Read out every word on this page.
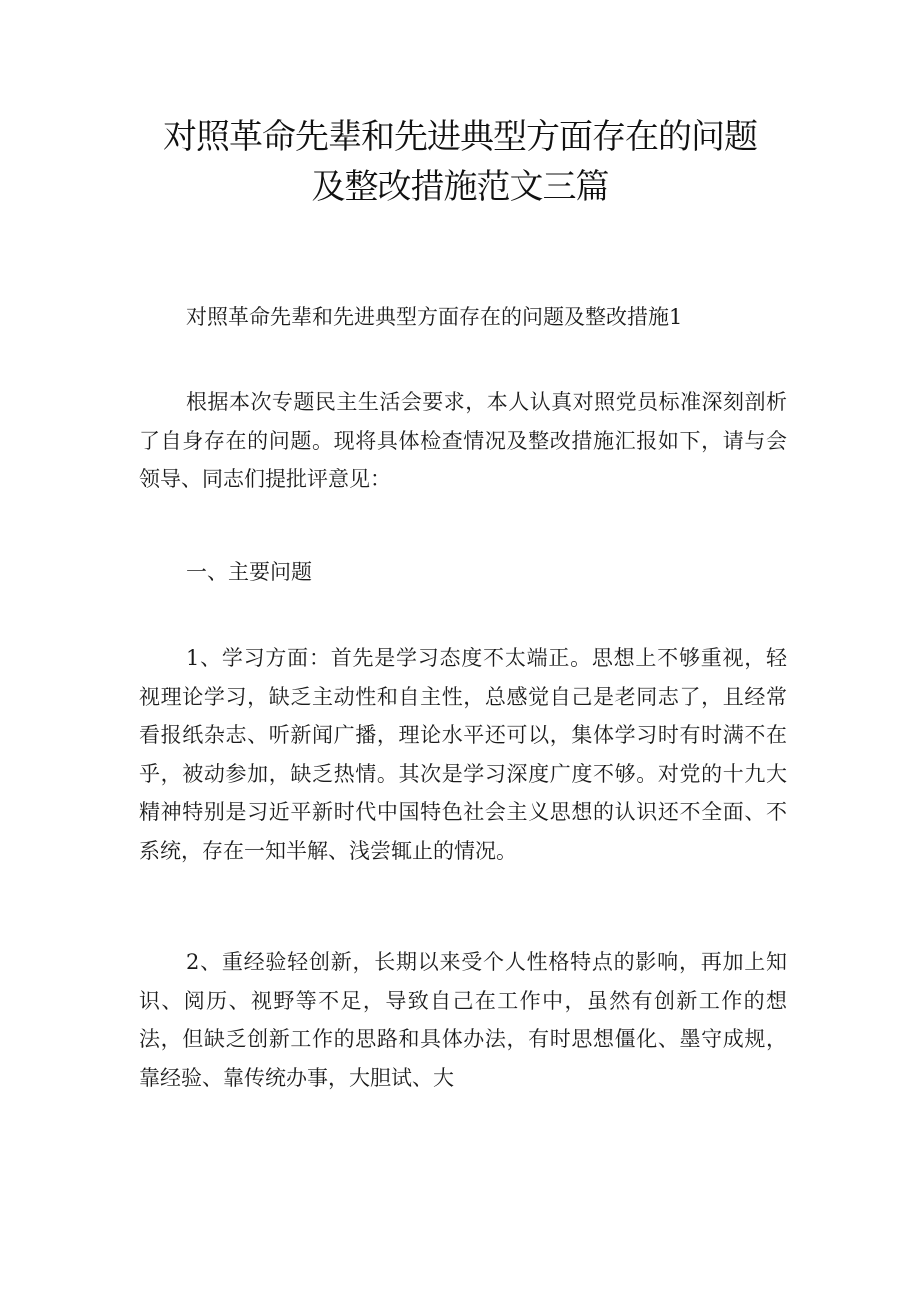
对照革命先辈和先进典型方面存在的问题
及整改措施范文三篇

对照革命先辈和先进典型方面存在的问题及整改措施1

根据本次专题民主生活会要求，本人认真对照党员标准深刻剖析了自身存在的问题。现将具体检查情况及整改措施汇报如下，请与会领导、同志们提批评意见：

一、主要问题

1、学习方面：首先是学习态度不太端正。思想上不够重视，轻视理论学习，缺乏主动性和自主性，总感觉自己是老同志了，且经常看报纸杂志、听新闻广播，理论水平还可以，集体学习时有时满不在乎，被动参加，缺乏热情。其次是学习深度广度不够。对党的十九大精神特别是习近平新时代中国特色社会主义思想的认识还不全面、不系统，存在一知半解、浅尝辄止的情况。

2、重经验轻创新，长期以来受个人性格特点的影响，再加上知识、阅历、视野等不足，导致自己在工作中，虽然有创新工作的想法，但缺乏创新工作的思路和具体办法，有时思想僵化、墨守成规，靠经验、靠传统办事，大胆试、大
